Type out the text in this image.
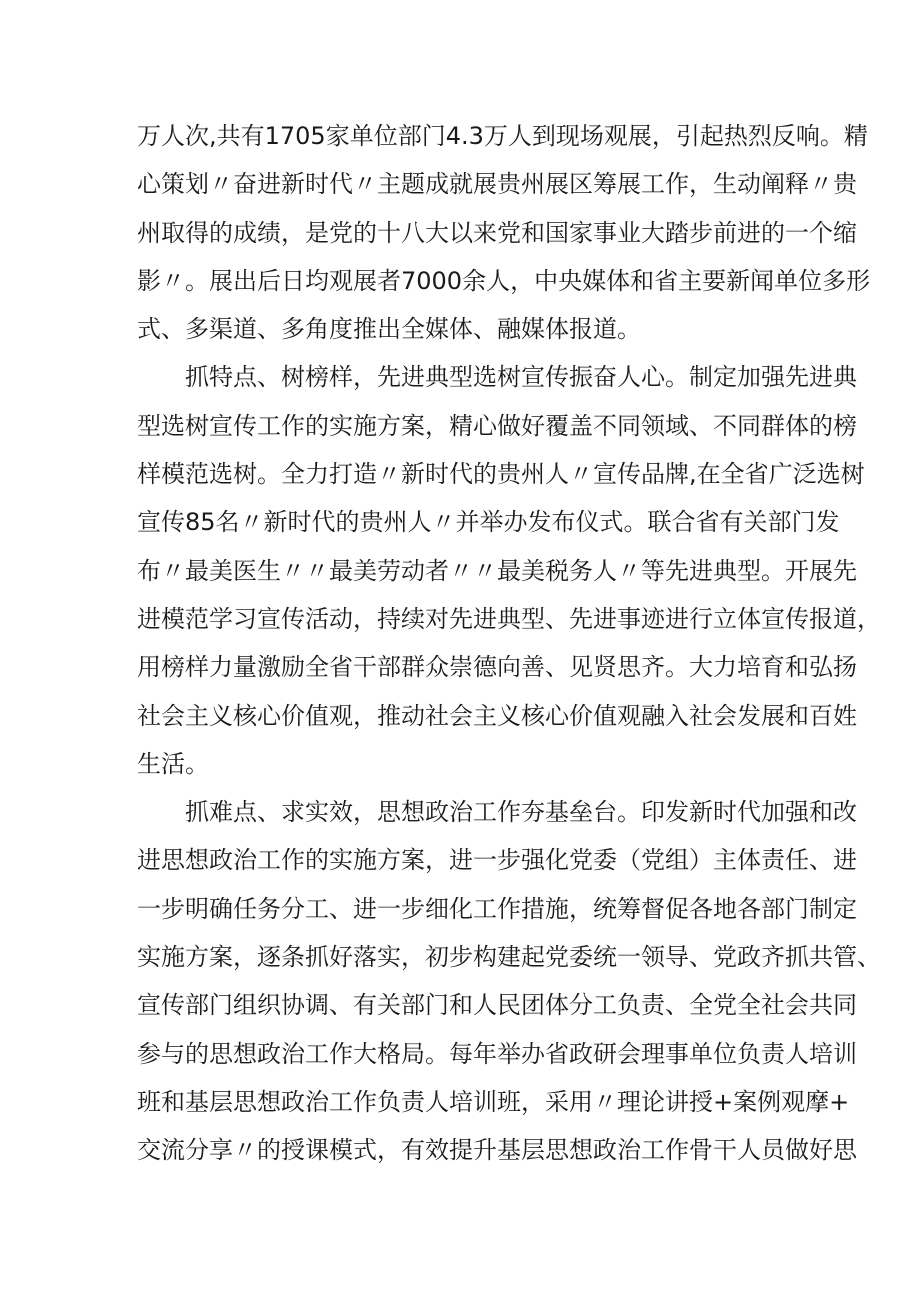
万人次,共有1705家单位部门4.3万人到现场观展，引起热烈反响。精
心策划〃奋进新时代〃主题成就展贵州展区筹展工作，生动阐释〃贵
州取得的成绩，是党的十八大以来党和国家事业大踏步前进的一个缩
影〃。展出后日均观展者7000余人，中央媒体和省主要新闻单位多形
式、多渠道、多角度推出全媒体、融媒体报道。
　　抓特点、树榜样，先进典型选树宣传振奋人心。制定加强先进典
型选树宣传工作的实施方案，精心做好覆盖不同领域、不同群体的榜
样模范选树。全力打造〃新时代的贵州人〃宣传品牌,在全省广泛选树
宣传85名〃新时代的贵州人〃并举办发布仪式。联合省有关部门发
布〃最美医生〃〃最美劳动者〃〃最美税务人〃等先进典型。开展先
进模范学习宣传活动，持续对先进典型、先进事迹进行立体宣传报道，
用榜样力量激励全省干部群众崇德向善、见贤思齐。大力培育和弘扬
社会主义核心价值观，推动社会主义核心价值观融入社会发展和百姓
生活。
　　抓难点、求实效，思想政治工作夯基垒台。印发新时代加强和改
进思想政治工作的实施方案，进一步强化党委（党组）主体责任、进
一步明确任务分工、进一步细化工作措施，统筹督促各地各部门制定
实施方案，逐条抓好落实，初步构建起党委统一领导、党政齐抓共管、
宣传部门组织协调、有关部门和人民团体分工负责、全党全社会共同
参与的思想政治工作大格局。每年举办省政研会理事单位负责人培训
班和基层思想政治工作负责人培训班，采用〃理论讲授+案例观摩+
交流分享〃的授课模式，有效提升基层思想政治工作骨干人员做好思
